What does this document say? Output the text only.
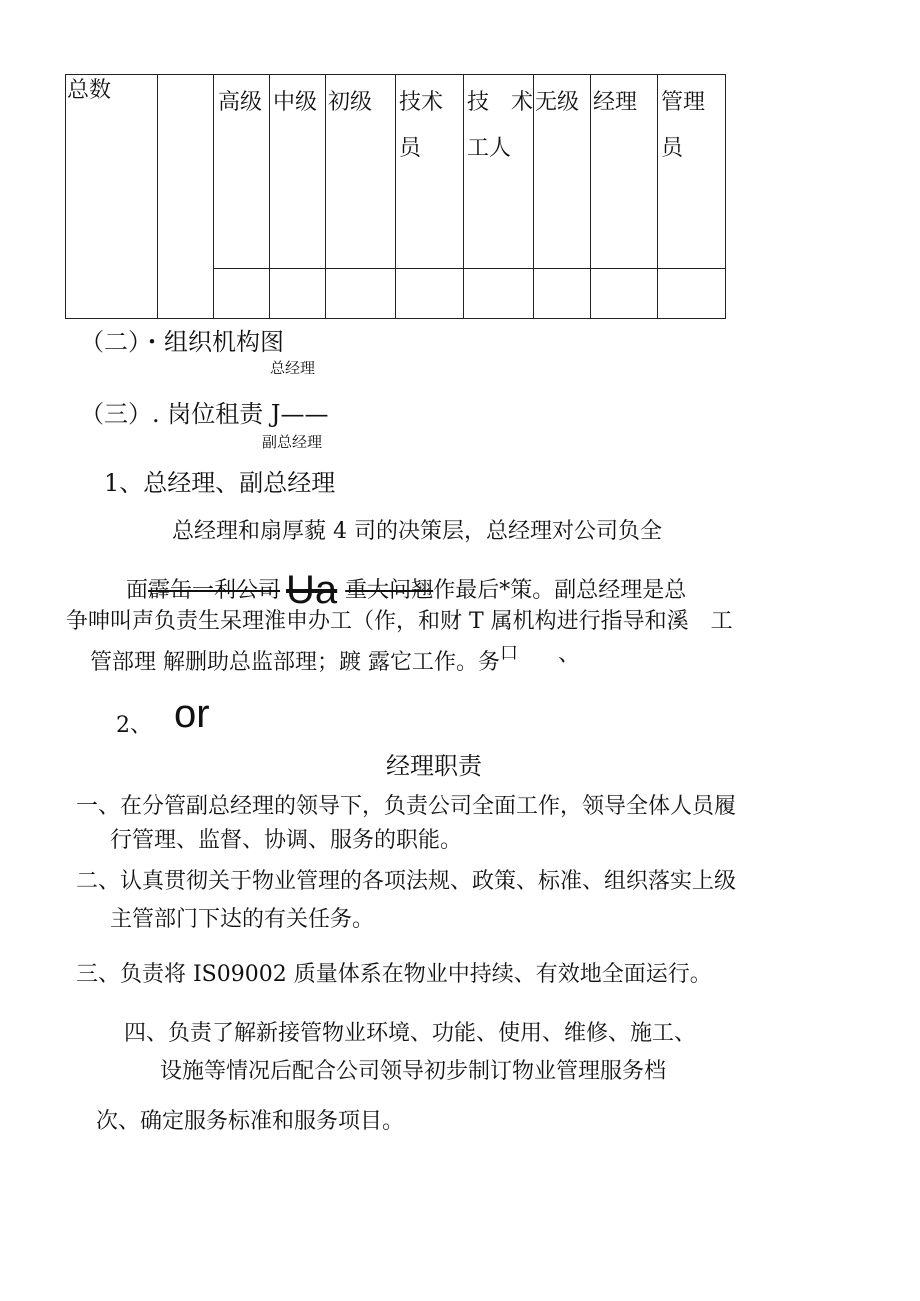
总数	高级 中级 初级 技术
员
技　术
工人
无级 经理 管理
员
（二）・组织机构图
总经理
（三）. 岗位租责 J——
副总经理
1、总经理、副总经理
总经理和扇厚藐 4 司的决策层，总经理对公司负全
面霹缶一利公司 Ua 重大问翘作最后*策。副总经理是总
争呻叫声负责生呆理淮申办工（作，和财 T 属机构进行指导和溪　工
管部理 解删助总监部理；踱 露它工作。务$^口$ 、
2、 or
经理职责
一、在分管副总经理的领导下，负责公司全面工作，领导全体人员履
行管理、监督、协调、服务的职能。
二、认真贯彻关于物业管理的各项法规、政策、标准、组织落实上级
主管部门下达的有关任务。
三、负责将 IS09002 质量体系在物业中持续、有效地全面运行。
四、负责了解新接管物业环境、功能、使用、维修、施工、
设施等情况后配合公司领导初步制订物业管理服务档
次、确定服务标准和服务项目。
